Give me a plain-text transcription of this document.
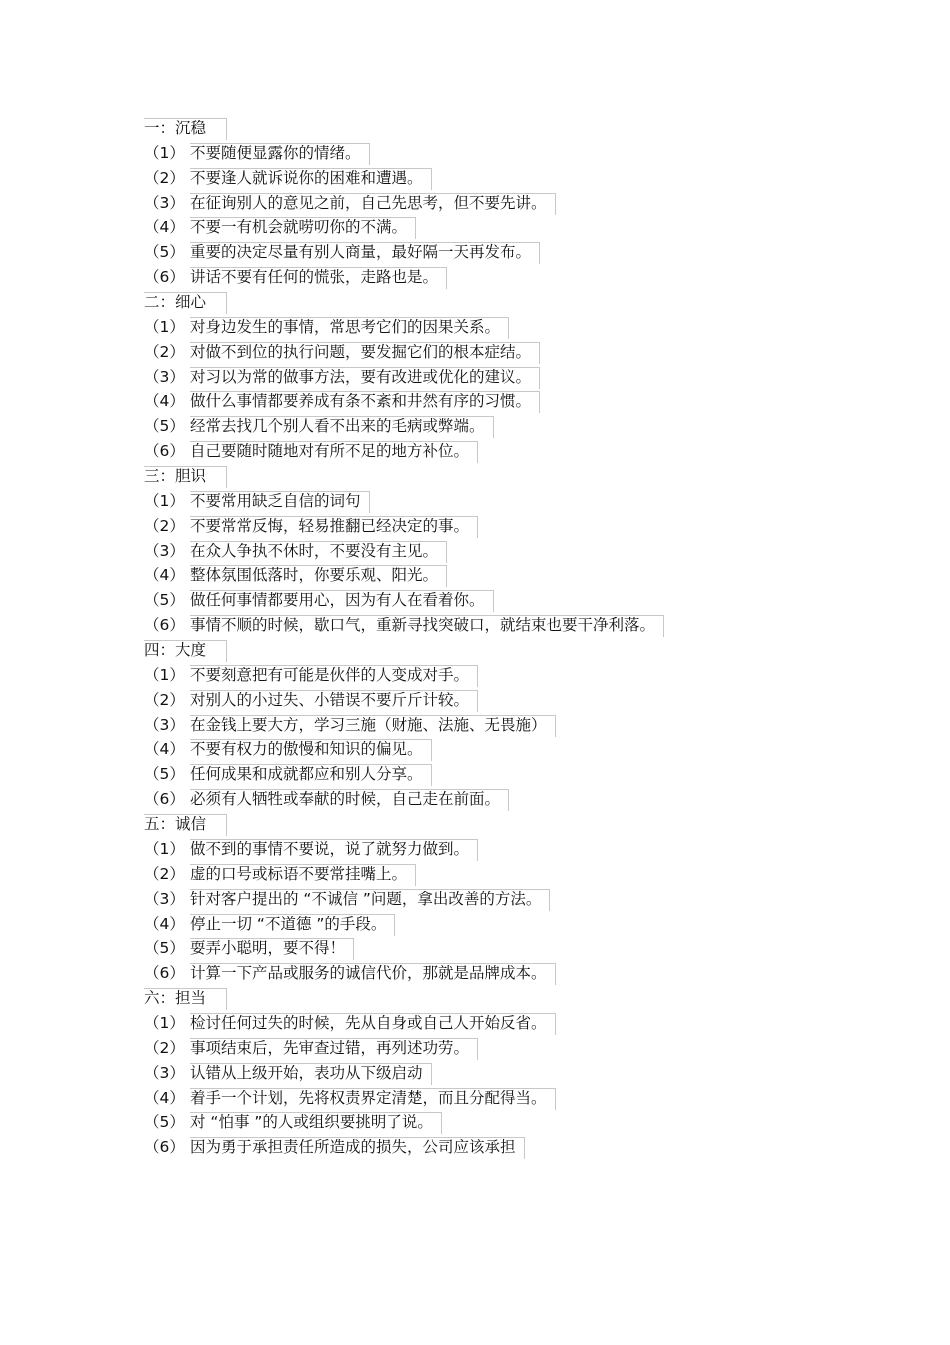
一：沉稳
（1） 不要随便显露你的情绪。
（2） 不要逢人就诉说你的困难和遭遇。
（3） 在征询别人的意见之前，自己先思考，但不要先讲。
（4） 不要一有机会就唠叨你的不满。
（5） 重要的决定尽量有别人商量，最好隔一天再发布。
（6） 讲话不要有任何的慌张，走路也是。
二：细心
（1） 对身边发生的事情，常思考它们的因果关系。
（2） 对做不到位的执行问题，要发掘它们的根本症结。
（3） 对习以为常的做事方法，要有改进或优化的建议。
（4） 做什么事情都要养成有条不紊和井然有序的习惯。
（5） 经常去找几个别人看不出来的毛病或弊端。
（6） 自己要随时随地对有所不足的地方补位。
三：胆识
（1） 不要常用缺乏自信的词句
（2） 不要常常反悔，轻易推翻已经决定的事。
（3） 在众人争执不休时，不要没有主见。
（4） 整体氛围低落时，你要乐观、阳光。
（5） 做任何事情都要用心，因为有人在看着你。
（6） 事情不顺的时候，歇口气，重新寻找突破口，就结束也要干净利落。
四：大度
（1） 不要刻意把有可能是伙伴的人变成对手。
（2） 对别人的小过失、小错误不要斤斤计较。
（3） 在金钱上要大方，学习三施（财施、法施、无畏施）
（4） 不要有权力的傲慢和知识的偏见。
（5） 任何成果和成就都应和别人分享。
（6） 必须有人牺牲或奉献的时候，自己走在前面。
五：诚信
（1） 做不到的事情不要说，说了就努力做到。
（2） 虚的口号或标语不要常挂嘴上。
（3） 针对客户提出的 “不诚信 ”问题，拿出改善的方法。
（4） 停止一切 “不道德 ”的手段。
（5） 耍弄小聪明，要不得！
（6） 计算一下产品或服务的诚信代价，那就是品牌成本。
六：担当
（1） 检讨任何过失的时候，先从自身或自己人开始反省。
（2） 事项结束后，先审查过错，再列述功劳。
（3） 认错从上级开始，表功从下级启动
（4） 着手一个计划，先将权责界定清楚，而且分配得当。
（5） 对 “怕事 ”的人或组织要挑明了说。
（6） 因为勇于承担责任所造成的损失，公司应该承担
